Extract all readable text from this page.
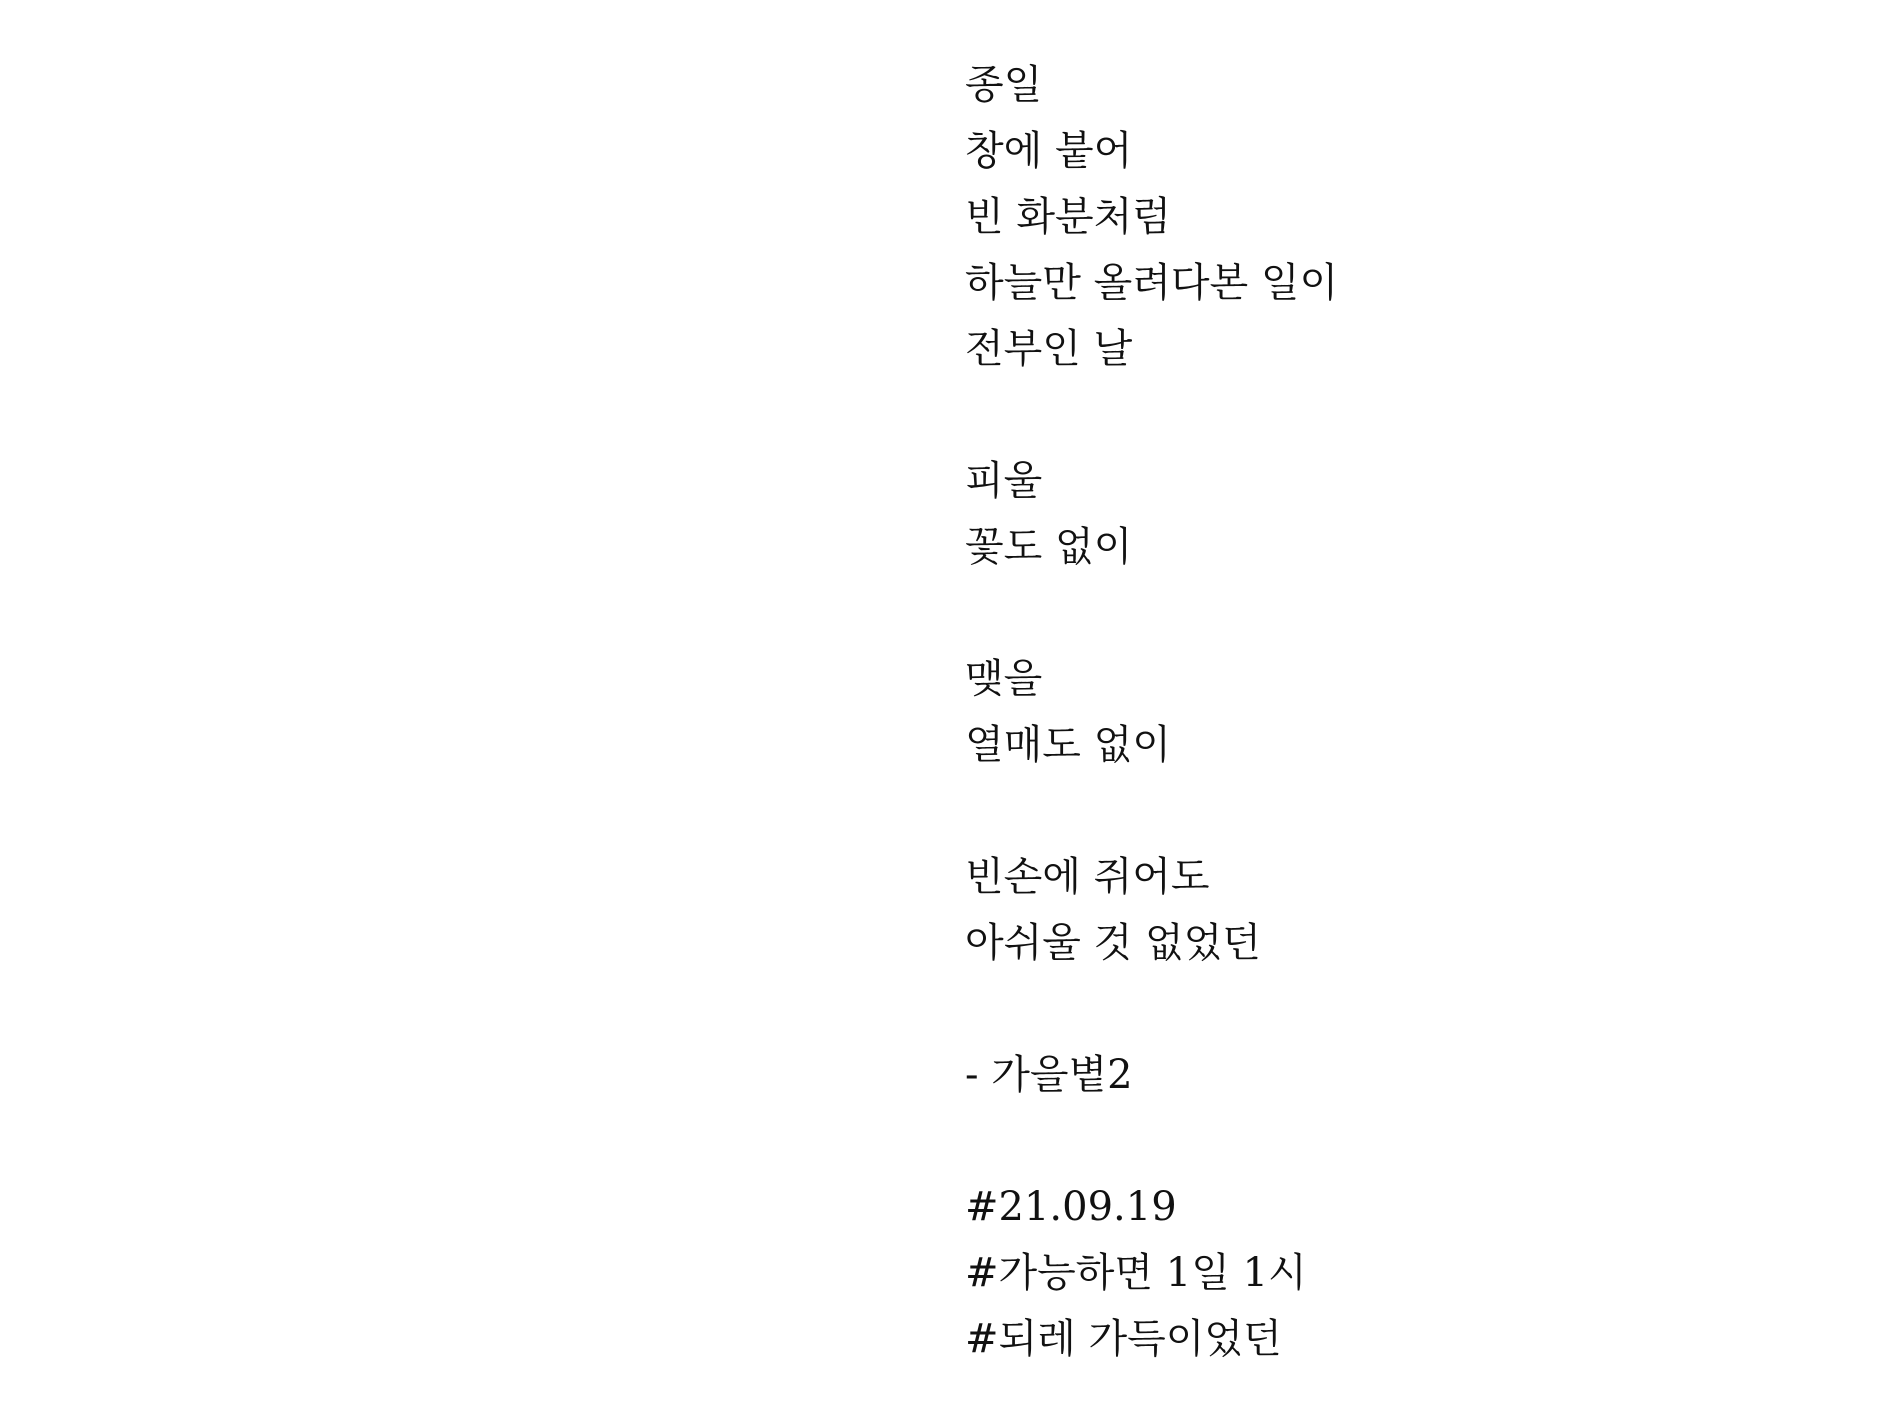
종일
창에 붙어
빈 화분처럼
하늘만 올려다본 일이
전부인 날
피울
꽃도 없이
맺을
열매도 없이
빈손에 쥐어도
아쉬울 것 없었던
- 가을볕2
#21.09.19
#가능하면 1일 1시
#되레 가득이었던
